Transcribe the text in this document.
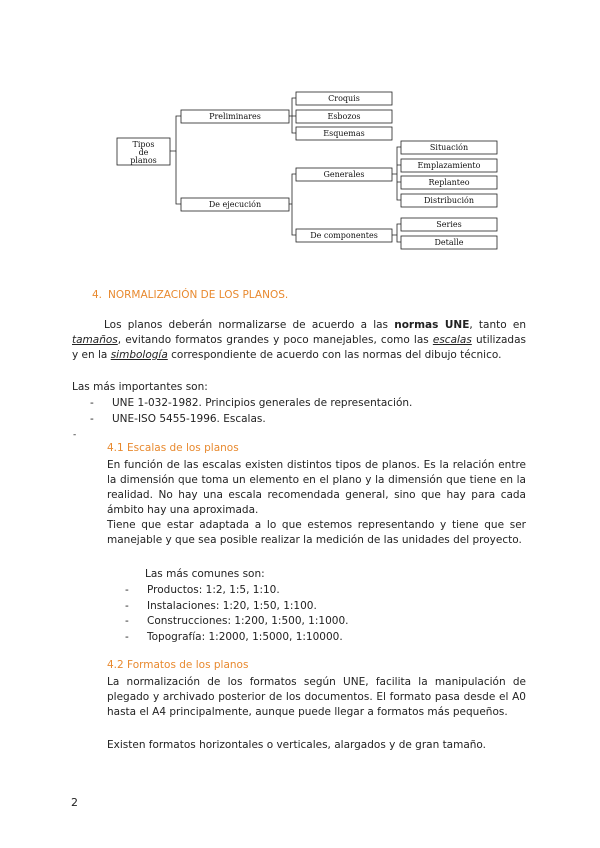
Tipos
de
planos
Preliminares
De ejecución
Croquis
Esbozos
Esquemas
Generales
De componentes
Situación
Emplazamiento
Replanteo
Distribución
Series
Detalle
4. NORMALIZACIÓN DE LOS PLANOS.

Los planos deberán normalizarse de acuerdo a las normas UNE, tanto en tamaños, evitando formatos grandes y poco manejables, como las escalas utilizadas y en la simbología correspondiente de acuerdo con las normas del dibujo técnico.

Las más importantes son:

- UNE 1-032-1982. Principios generales de representación.
- UNE-ISO 5455-1996. Escalas.
-
4.1 Escalas de los planos

En función de las escalas existen distintos tipos de planos. Es la relación entre la dimensión que toma un elemento en el plano y la dimensión que tiene en la realidad. No hay una escala recomendada general, sino que hay para cada ámbito hay una aproximada.

Tiene que estar adaptada a lo que estemos representando y tiene que ser manejable y que sea posible realizar la medición de las unidades del proyecto.

Las más comunes son:

- Productos: 1:2, 1:5, 1:10.
- Instalaciones: 1:20, 1:50, 1:100.
- Construcciones: 1:200, 1:500, 1:1000.
- Topografía: 1:2000, 1:5000, 1:10000.
4.2 Formatos de los planos

La normalización de los formatos según UNE, facilita la manipulación de plegado y archivado posterior de los documentos. El formato pasa desde el A0 hasta el A4 principalmente, aunque puede llegar a formatos más pequeños.

Existen formatos horizontales o verticales, alargados y de gran tamaño.

2
